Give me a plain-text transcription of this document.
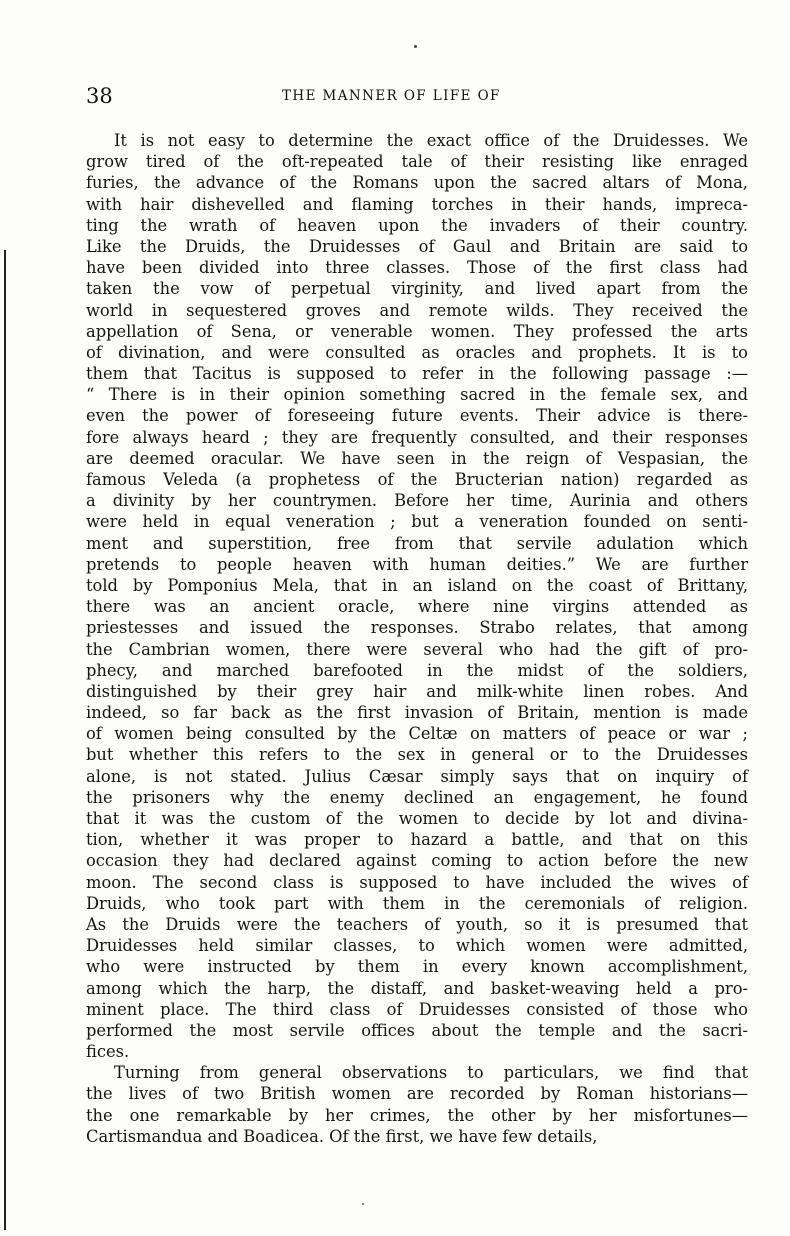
38	THE MANNER OF LIFE OF
It is not easy to determine the exact office of the Druidesses. We
grow tired of the oft-repeated tale of their resisting like enraged
furies, the advance of the Romans upon the sacred altars of Mona,
with hair dishevelled and flaming torches in their hands, impreca-
ting the wrath of heaven upon the invaders of their country.
Like the Druids, the Druidesses of Gaul and Britain are said to
have been divided into three classes. Those of the first class had
taken the vow of perpetual virginity, and lived apart from the
world in sequestered groves and remote wilds. They received the
appellation of Sena, or venerable women. They professed the arts
of divination, and were consulted as oracles and prophets. It is to
them that Tacitus is supposed to refer in the following passage :—
“ There is in their opinion something sacred in the female sex, and
even the power of foreseeing future events. Their advice is there-
fore always heard ; they are frequently consulted, and their responses
are deemed oracular. We have seen in the reign of Vespasian, the
famous Veleda (a prophetess of the Bructerian nation) regarded as
a divinity by her countrymen. Before her time, Aurinia and others
were held in equal veneration ; but a veneration founded on senti-
ment and superstition, free from that servile adulation which
pretends to people heaven with human deities.” We are further
told by Pomponius Mela, that in an island on the coast of Brittany,
there was an ancient oracle, where nine virgins attended as
priestesses and issued the responses. Strabo relates, that among
the Cambrian women, there were several who had the gift of pro-
phecy, and marched barefooted in the midst of the soldiers,
distinguished by their grey hair and milk-white linen robes. And
indeed, so far back as the first invasion of Britain, mention is made
of women being consulted by the Celtæ on matters of peace or war ;
but whether this refers to the sex in general or to the Druidesses
alone, is not stated. Julius Cæsar simply says that on inquiry of
the prisoners why the enemy declined an engagement, he found
that it was the custom of the women to decide by lot and divina-
tion, whether it was proper to hazard a battle, and that on this
occasion they had declared against coming to action before the new
moon. The second class is supposed to have included the wives of
Druids, who took part with them in the ceremonials of religion.
As the Druids were the teachers of youth, so it is presumed that
Druidesses held similar classes, to which women were admitted,
who were instructed by them in every known accomplishment,
among which the harp, the distaff, and basket-weaving held a pro-
minent place. The third class of Druidesses consisted of those who
performed the most servile offices about the temple and the sacri-
fices.
Turning from general observations to particulars, we find that
the lives of two British women are recorded by Roman historians—
the one remarkable by her crimes, the other by her misfortunes—
Cartismandua and Boadicea. Of the first, we have few details,
